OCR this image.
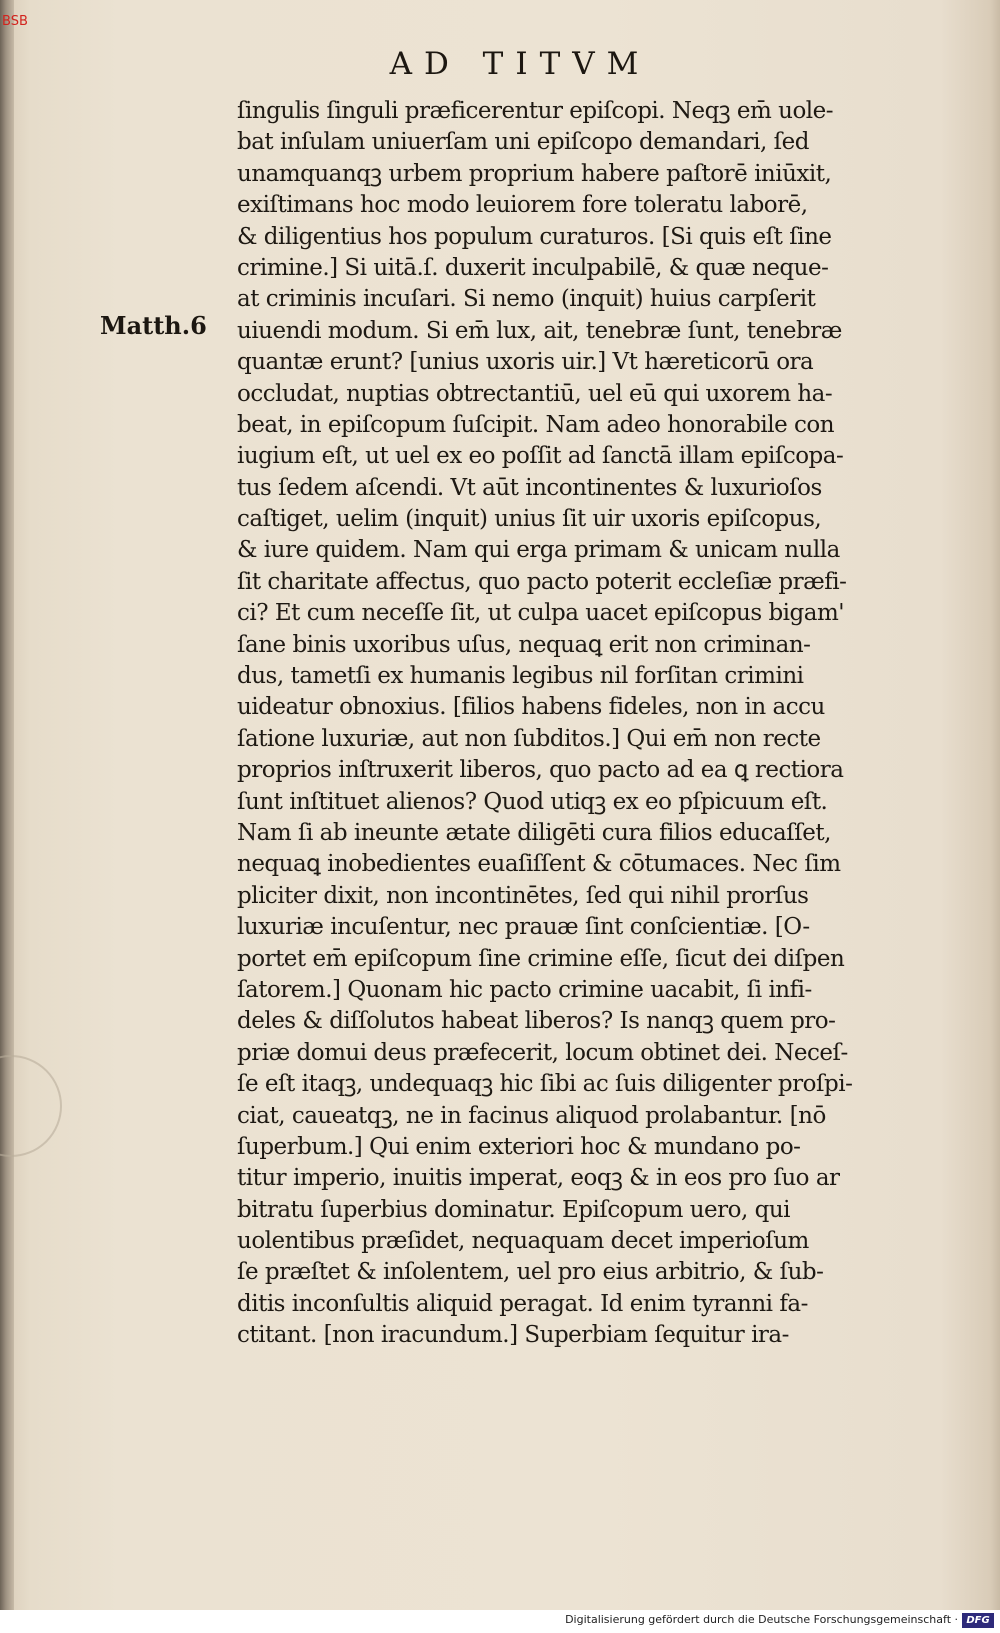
BSB
AD TITVM
Matth.6
ſingulis ſinguli præficerentur epiſcopi. Neqꝫ em̄ uole-
bat inſulam uniuerſam uni epiſcopo demandari, ſed
unamquanqꝫ urbem proprium habere paſtorē iniūxit,
exiſtimans hoc modo leuiorem fore toleratu laborē,
& diligentius hos populum curaturos. [Si quis eſt ſine
crimine.] Si uitā.ſ. duxerit inculpabilē, & quæ neque-
at criminis incuſari. Si nemo (inquit) huius carpſerit
uiuendi modum. Si em̄ lux, ait, tenebræ ſunt, tenebræ
quantæ erunt? [unius uxoris uir.] Vt hæreticorū ora
occludat, nuptias obtrectantiū, uel eū qui uxorem ha-
beat, in epiſcopum ſuſcipit. Nam adeo honorabile con
iugium eſt, ut uel ex eo poſſit ad ſanctā illam epiſcopa-
tus ſedem aſcendi. Vt aūt incontinentes & luxurioſos
caſtiget, uelim (inquit) unius ſit uir uxoris epiſcopus,
& iure quidem. Nam qui erga primam & unicam nulla
ſit charitate affectus, quo pacto poterit eccleſiæ præfi-
ci? Et cum neceſſe ſit, ut culpa uacet epiſcopus bigam'
ſane binis uxoribus uſus, nequaꝗ erit non criminan-
dus, tametſi ex humanis legibus nil forſitan crimini
uideatur obnoxius. [filios habens fideles, non in accu
ſatione luxuriæ, aut non ſubditos.] Qui em̄ non recte
proprios inſtruxerit liberos, quo pacto ad ea ꝗ rectiora
ſunt inſtituet alienos? Quod utiqꝫ ex eo pſpicuum eſt.
Nam ſi ab ineunte ætate diligēti cura filios educaſſet,
nequaꝗ inobedientes euaſiſſent & cōtumaces. Nec ſim
pliciter dixit, non incontinētes, ſed qui nihil prorſus
luxuriæ incuſentur, nec prauæ ſint conſcientiæ. [O-
portet em̄ epiſcopum ſine crimine eſſe, ſicut dei diſpen
ſatorem.] Quonam hic pacto crimine uacabit, ſi infi-
deles & diſſolutos habeat liberos? Is nanqꝫ quem pro-
priæ domui deus præfecerit, locum obtinet dei. Neceſ-
ſe eſt itaqꝫ, undequaqꝫ hic ſibi ac ſuis diligenter proſpi-
ciat, caueatqꝫ, ne in facinus aliquod prolabantur. [nō
ſuperbum.] Qui enim exteriori hoc & mundano po-
titur imperio, inuitis imperat, eoqꝫ & in eos pro ſuo ar
bitratu ſuperbius dominatur. Epiſcopum uero, qui
uolentibus præſidet, nequaquam decet imperioſum
ſe præſtet & inſolentem, uel pro eius arbitrio, & ſub-
ditis inconſultis aliquid peragat. Id enim tyranni fa-
ctitant. [non iracundum.] Superbiam ſequitur ira-
Digitalisierung gefördert durch die Deutsche Forschungsgemeinschaft · DFG
